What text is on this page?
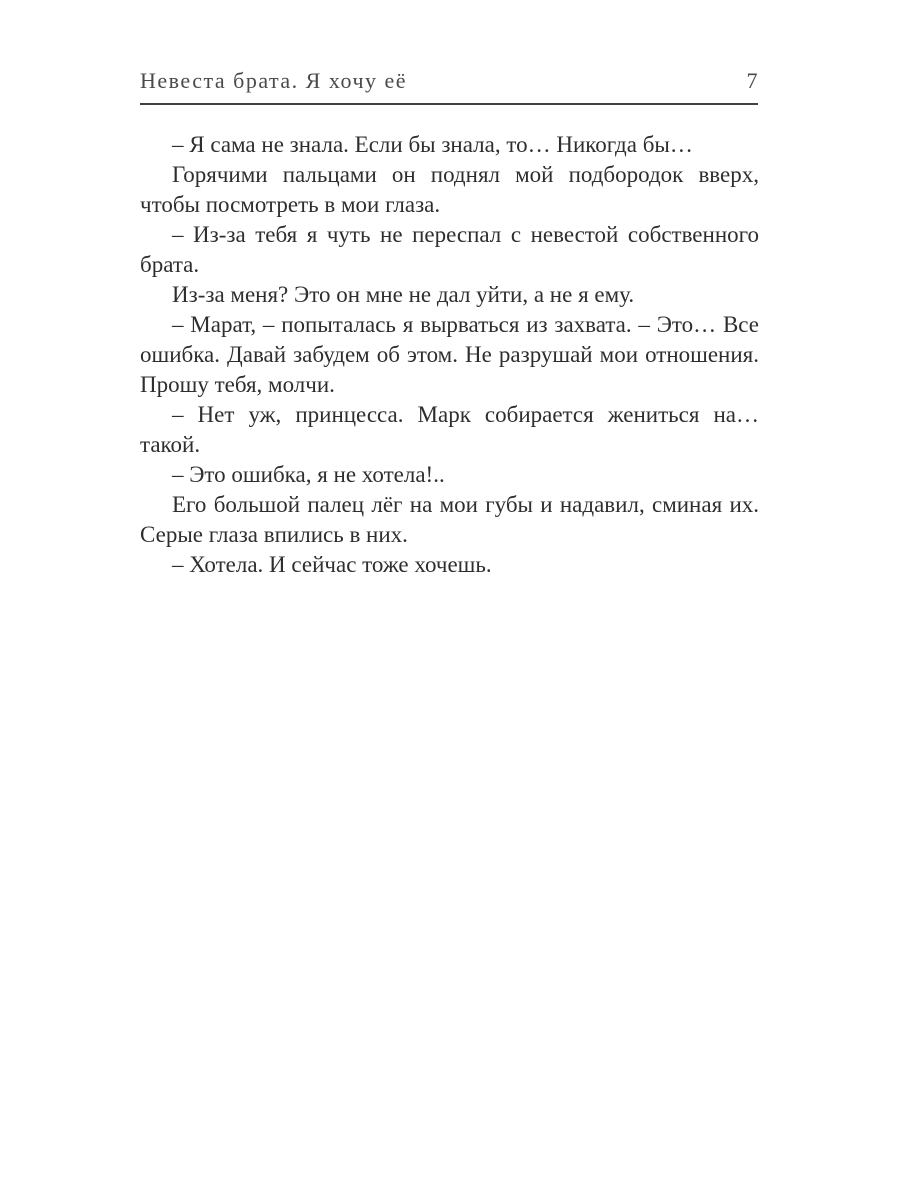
Невеста брата. Я хочу её	7

– Я сама не знала. Если бы знала, то… Никогда бы…

Горячими пальцами он поднял мой подбородок вверх, чтобы посмотреть в мои глаза.

– Из-за тебя я чуть не переспал с невестой собственного брата.

Из-за меня? Это он мне не дал уйти, а не я ему.

– Марат, – попыталась я вырваться из захвата. – Это… Все ошибка. Давай забудем об этом. Не разрушай мои отношения. Прошу тебя, молчи.

– Нет уж, принцесса. Марк собирается жениться на… такой.

– Это ошибка, я не хотела!..

Его большой палец лёг на мои губы и надавил, сминая их. Серые глаза впились в них.

– Хотела. И сейчас тоже хочешь.
